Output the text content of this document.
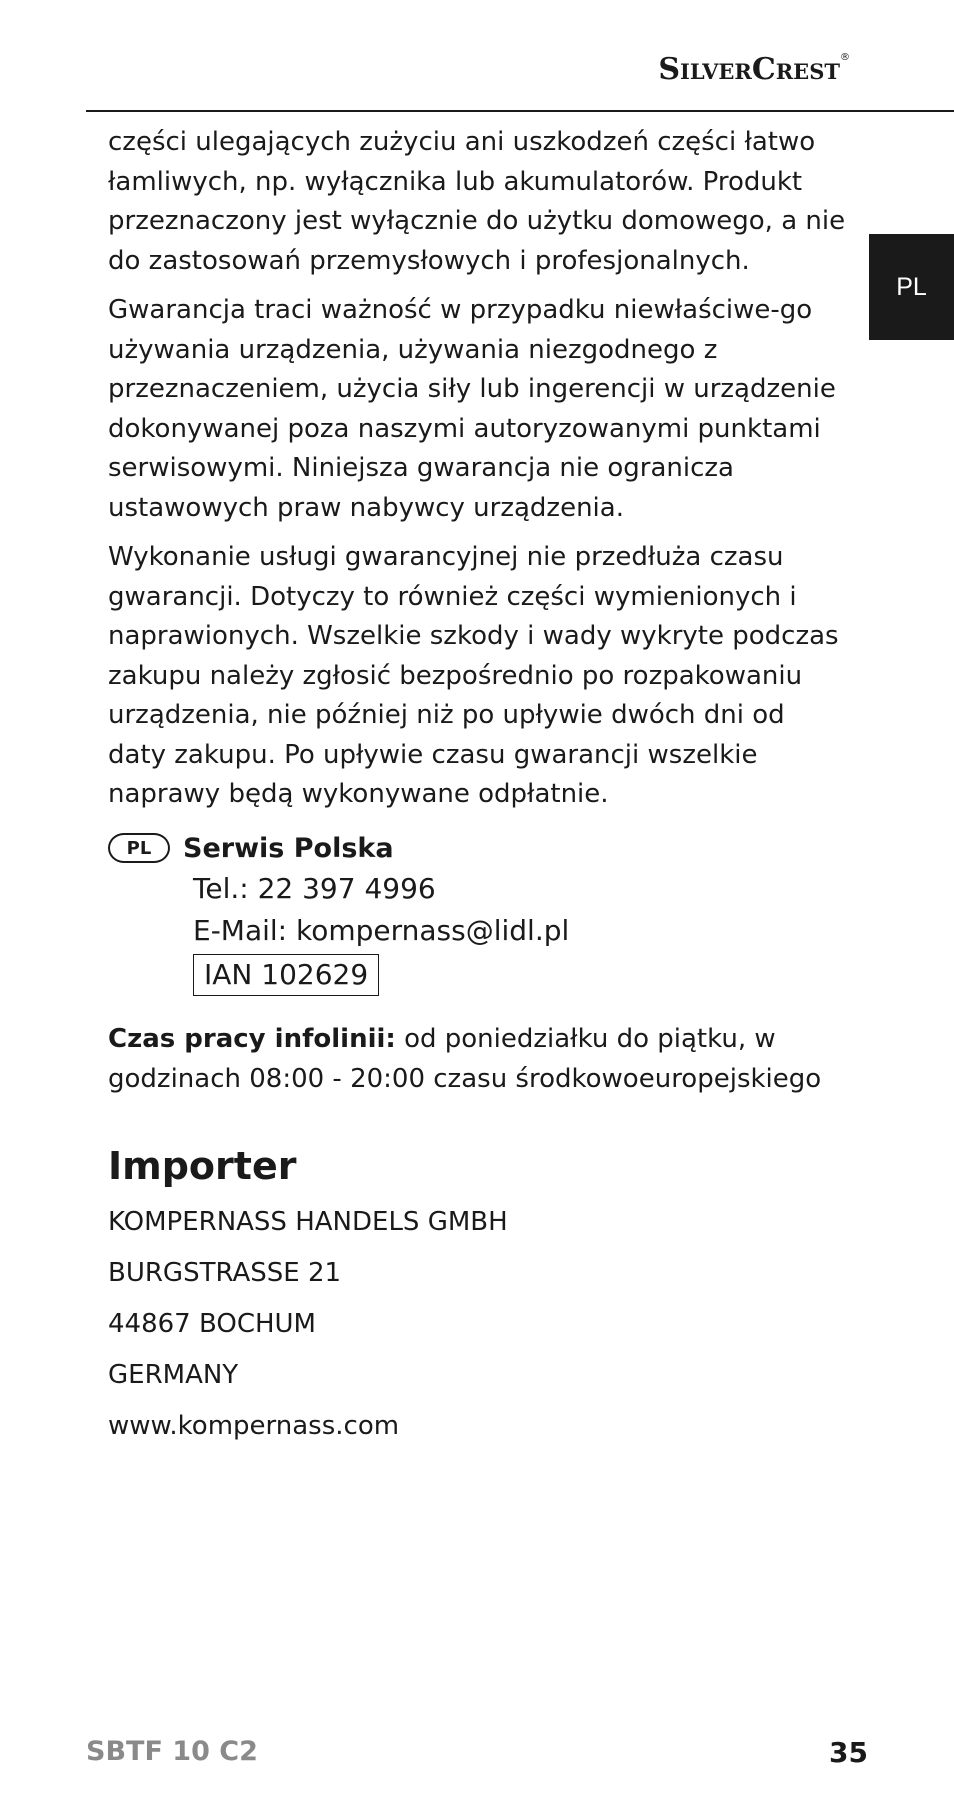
SilverCrest®
PL

części ulegających zużyciu ani uszkodzeń części łatwo łamliwych, np. wyłącznika lub akumulatorów. Produkt przeznaczony jest wyłącznie do użytku domowego, a nie do zastosowań przemysłowych i profesjonalnych.

Gwarancja traci ważność w przypadku niewłaściwe-go używania urządzenia, używania niezgodnego z przeznaczeniem, użycia siły lub ingerencji w urządzenie dokonywanej poza naszymi autoryzowanymi punktami serwisowymi. Niniejsza gwarancja nie ogranicza ustawowych praw nabywcy urządzenia.

Wykonanie usługi gwarancyjnej nie przedłuża czasu gwarancji. Dotyczy to również części wymienionych i naprawionych. Wszelkie szkody i wady wykryte podczas zakupu należy zgłosić bezpośrednio po rozpakowaniu urządzenia, nie później niż po upływie dwóch dni od daty zakupu. Po upływie czasu gwarancji wszelkie naprawy będą wykonywane odpłatnie.

PL	Serwis Polska
Tel.: 22 397 4996
E-Mail: kompernass@lidl.pl
IAN 102629
Czas pracy infolinii: od poniedziałku do piątku, w godzinach 08:00 - 20:00 czasu środkowoeuropejskiego
Importer
KOMPERNASS HANDELS GMBH
BURGSTRASSE 21
44867 BOCHUM
GERMANY
www.kompernass.com
SBTF 10 C2	35
